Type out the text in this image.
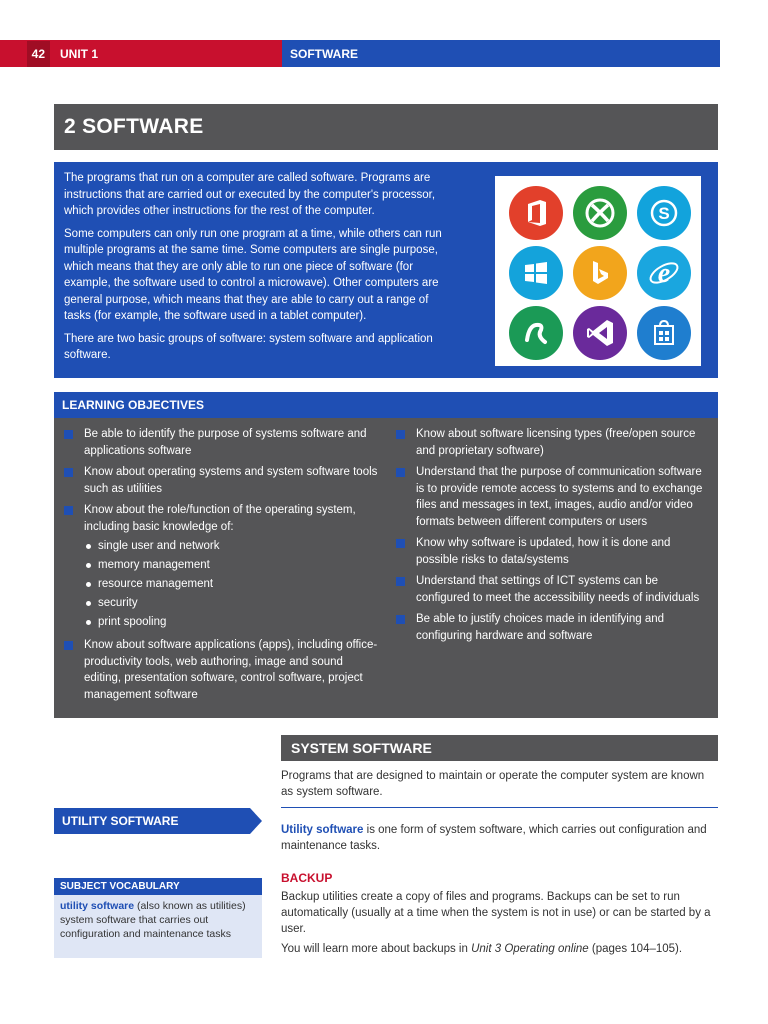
42	UNIT 1	SOFTWARE
2 SOFTWARE

The programs that run on a computer are called software. Programs are instructions that are carried out or executed by the computer's processor, which provides other instructions for the rest of the computer.

Some computers can only run one program at a time, while others can run multiple programs at the same time. Some computers are single purpose, which means that they are only able to run one piece of software (for example, the software used to control a microwave). Other computers are general purpose, which means that they are able to carry out a range of tasks (for example, the software used in a tablet computer).

There are two basic groups of software: system software and application software.

S
e
LEARNING OBJECTIVES
Be able to identify the purpose of systems software and applications software
Know about operating systems and system software tools such as utilities
Know about the role/function of the operating system, including basic knowledge of:
single user and network
memory management
resource management
security
print spooling
Know about software applications (apps), including office-productivity tools, web authoring, image and sound editing, presentation software, control software, project management software
Know about software licensing types (free/open source and proprietary software)
Understand that the purpose of communication software is to provide remote access to systems and to exchange files and messages in text, images, audio and/or video formats between different computers or users
Know why software is updated, how it is done and possible risks to data/systems
Understand that settings of ICT systems can be configured to meet the accessibility needs of individuals
Be able to justify choices made in identifying and configuring hardware and software
SYSTEM SOFTWARE
Programs that are designed to maintain or operate the computer system are known as system software.
UTILITY SOFTWARE
Utility software is one form of system software, which carries out configuration and maintenance tasks.
BACKUP

Backup utilities create a copy of files and programs. Backups can be set to run automatically (usually at a time when the system is not in use) or can be started by a user.

You will learn more about backups in Unit 3 Operating online (pages 104–105).

SUBJECT VOCABULARY
utility software (also known as utilities) system software that carries out configuration and maintenance tasks
